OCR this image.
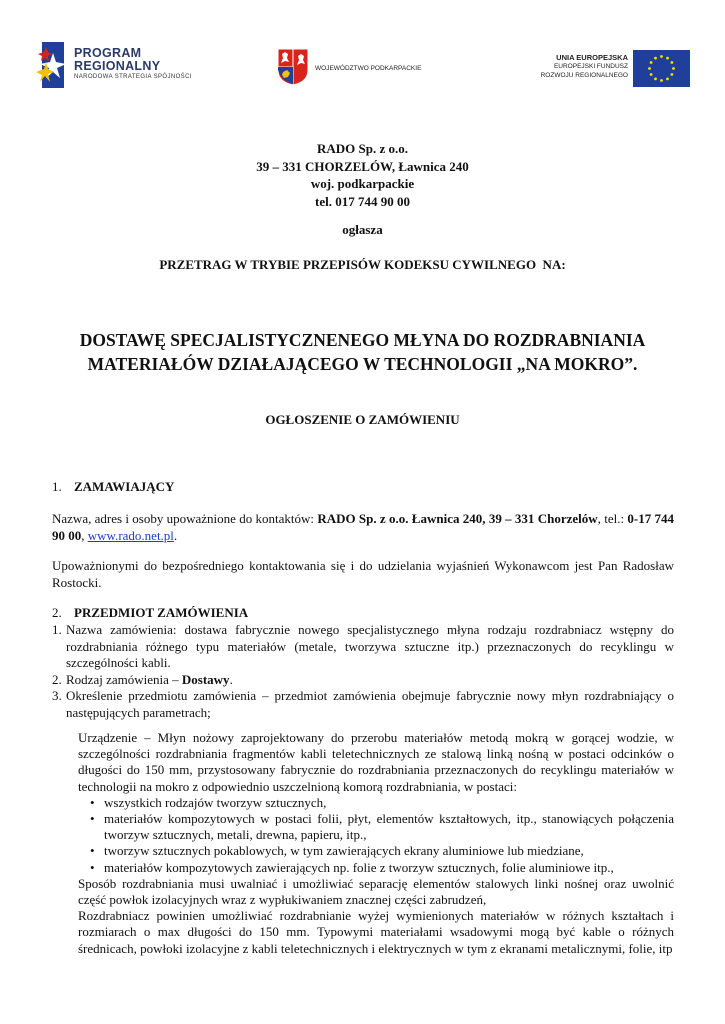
PROGRAM
REGIONALNY
NARODOWA STRATEGIA SPÓJNOŚCI
WOJEWÓDZTWO PODKARPACKIE
UNIA EUROPEJSKA
EUROPEJSKI FUNDUSZ
ROZWOJU REGIONALNEGO
RADO Sp. z o.o.
39 – 331 CHORZELÓW, Ławnica 240
woj. podkarpackie
tel. 017 744 90 00
ogłasza
PRZETRAG W TRYBIE PRZEPISÓW KODEKSU CYWILNEGO  NA:
DOSTAWĘ SPECJALISTYCZNENEGO MŁYNA DO ROZDRABNIANIA
MATERIAŁÓW DZIAŁAJĄCEGO W TECHNOLOGII „NA MOKRO”.
OGŁOSZENIE O ZAMÓWIENIU
1. ZAMAWIAJĄCY
Nazwa, adres i osoby upoważnione do kontaktów: RADO Sp. z o.o. Ławnica 240, 39 – 331 Chorzelów, tel.: 0-17 744 90 00, www.rado.net.pl.
Upoważnionymi do bezpośredniego kontaktowania się i do udzielania wyjaśnień Wykonawcom jest Pan Radosław Rostocki.
2. PRZEDMIOT ZAMÓWIENIA
1. Nazwa zamówienia: dostawa fabrycznie nowego specjalistycznego młyna rodzaju rozdrabniacz wstępny do rozdrabniania różnego typu materiałów (metale, tworzywa sztuczne itp.) przeznaczonych do recyklingu w szczególności kabli.
2. Rodzaj zamówienia – Dostawy.
3. Określenie przedmiotu zamówienia – przedmiot zamówienia obejmuje fabrycznie nowy młyn rozdrabniający o następujących parametrach;

Urządzenie – Młyn nożowy zaprojektowany do przerobu materiałów metodą mokrą w gorącej wodzie, w szczególności rozdrabniania fragmentów kabli teletechnicznych ze stalową linką nośną w postaci odcinków o długości do 150 mm, przystosowany fabrycznie do rozdrabniania przeznaczonych do recyklingu materiałów w technologii na mokro z odpowiednio uszczelnioną komorą rozdrabniania, w postaci:

• wszystkich rodzajów tworzyw sztucznych,
• materiałów kompozytowych w postaci folii, płyt, elementów kształtowych, itp., stanowiących połączenia tworzyw sztucznych, metali, drewna, papieru, itp.,
• tworzyw sztucznych pokablowych, w tym zawierających ekrany aluminiowe lub miedziane,
• materiałów kompozytowych zawierających np. folie z tworzyw sztucznych, folie aluminiowe itp.,

Sposób rozdrabniania musi uwalniać i umożliwiać separację elementów stalowych linki nośnej oraz uwolnić część powłok izolacyjnych wraz z wypłukiwaniem znacznej części zabrudzeń,

Rozdrabniacz powinien umożliwiać rozdrabnianie wyżej wymienionych materiałów w różnych kształtach i rozmiarach o max długości do 150 mm. Typowymi materiałami wsadowymi mogą być kable o różnych średnicach, powłoki izolacyjne z kabli teletechnicznych i elektrycznych w tym z ekranami metalicznymi, folie, itp
